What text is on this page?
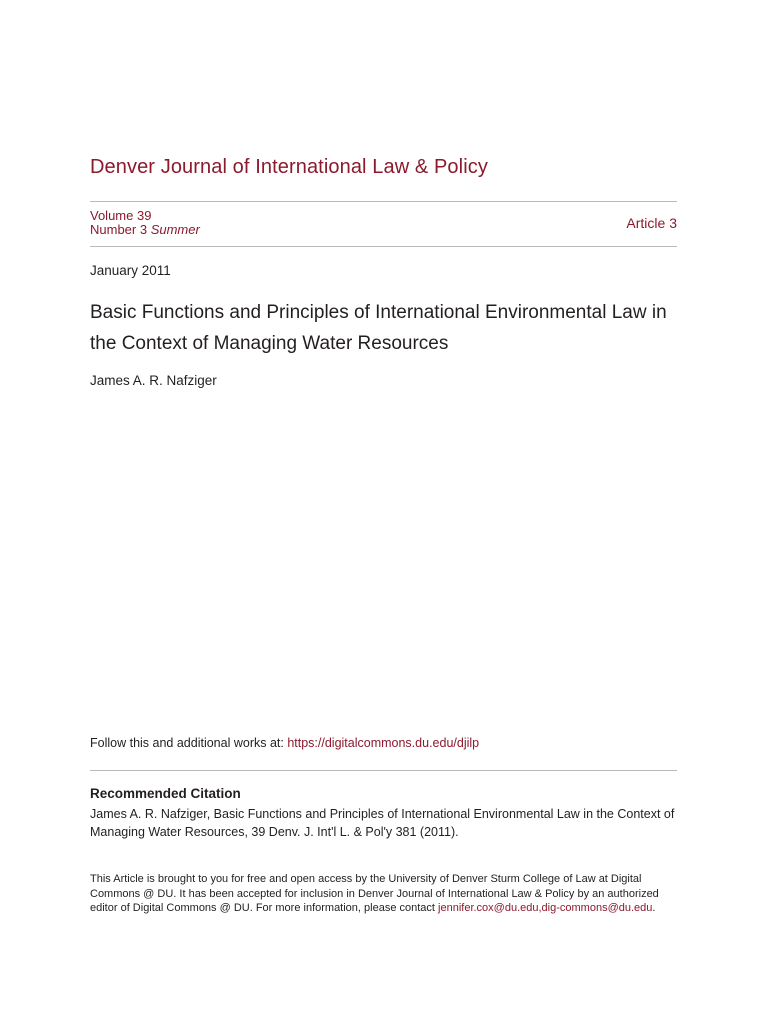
Denver Journal of International Law & Policy
Volume 39
Number 3 Summer	Article 3
January 2011
Basic Functions and Principles of International Environmental Law in the Context of Managing Water Resources
James A. R. Nafziger
Follow this and additional works at: https://digitalcommons.du.edu/djilp
Recommended Citation
James A. R. Nafziger, Basic Functions and Principles of International Environmental Law in the Context of Managing Water Resources, 39 Denv. J. Int'l L. & Pol'y 381 (2011).
This Article is brought to you for free and open access by the University of Denver Sturm College of Law at Digital Commons @ DU. It has been accepted for inclusion in Denver Journal of International Law & Policy by an authorized editor of Digital Commons @ DU. For more information, please contact jennifer.cox@du.edu,dig-commons@du.edu.
